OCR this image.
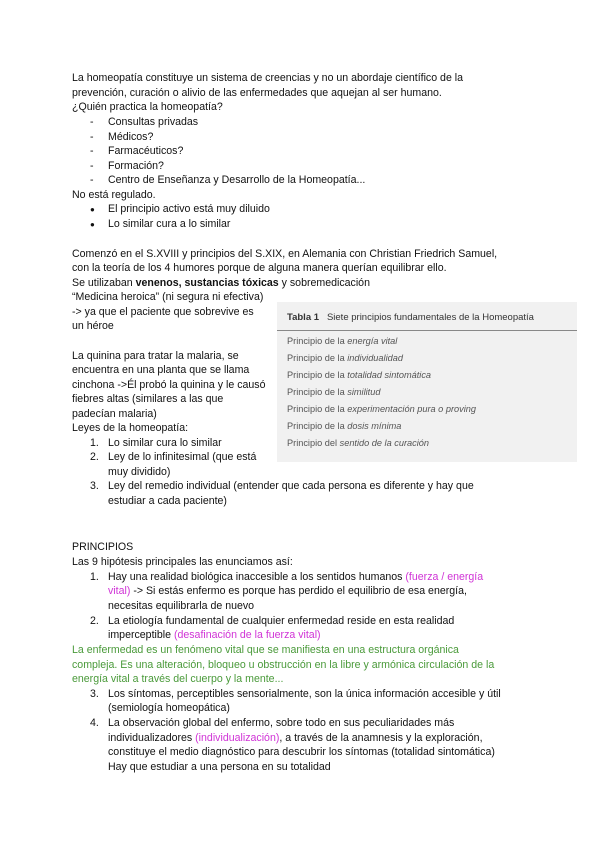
La homeopatía constituye un sistema de creencias y no un abordaje científico de la
prevención, curación o alivio de las enfermedades que aquejan al ser humano.
¿Quién practica la homeopatía?
- Consultas privadas
- Médicos?
- Farmacéuticos?
- Formación?
- Centro de Enseñanza y Desarrollo de la Homeopatía...
No está regulado.
● El principio activo está muy diluido
● Lo similar cura a lo similar
Comenzó en el S.XVIII y principios del S.XIX, en Alemania con Christian Friedrich Samuel,
con la teoría de los 4 humores porque de alguna manera querían equilibrar ello.
Se utilizaban venenos, sustancias tóxicas y sobremedicación
“Medicina heroica” (ni segura ni efectiva)
-> ya que el paciente que sobrevive es
un héroe
La quinina para tratar la malaria, se
encuentra en una planta que se llama
cinchona ->Él probó la quinina y le causó
fiebres altas (similares a las que
padecían malaria)
Leyes de la homeopatía:
1. Lo similar cura lo similar
2. Ley de lo infinitesimal (que está
muy dividido)
3. Ley del remedio individual (entender que cada persona es diferente y hay que
estudiar a cada paciente)
Tabla 1 Siete principios fundamentales de la Homeopatía
Principio de la energía vital
Principio de la individualidad
Principio de la totalidad sintomática
Principio de la similitud
Principio de la experimentación pura o proving
Principio de la dosis mínima
Principio del sentido de la curación
PRINCIPIOS
Las 9 hipótesis principales las enunciamos así:
1. Hay una realidad biológica inaccesible a los sentidos humanos (fuerza / energía
vital) -> Si estás enfermo es porque has perdido el equilibrio de esa energía,
necesitas equilibrarla de nuevo
2. La etiología fundamental de cualquier enfermedad reside en esta realidad
imperceptible (desafinación de la fuerza vital)
La enfermedad es un fenómeno vital que se manifiesta en una estructura orgánica
compleja. Es una alteración, bloqueo u obstrucción en la libre y armónica circulación de la
energía vital a través del cuerpo y la mente...
3. Los síntomas, perceptibles sensorialmente, son la única información accesible y útil
(semiología homeopática)
4. La observación global del enfermo, sobre todo en sus peculiaridades más
individualizadores (individualización), a través de la anamnesis y la exploración,
constituye el medio diagnóstico para descubrir los síntomas (totalidad sintomática)
Hay que estudiar a una persona en su totalidad
